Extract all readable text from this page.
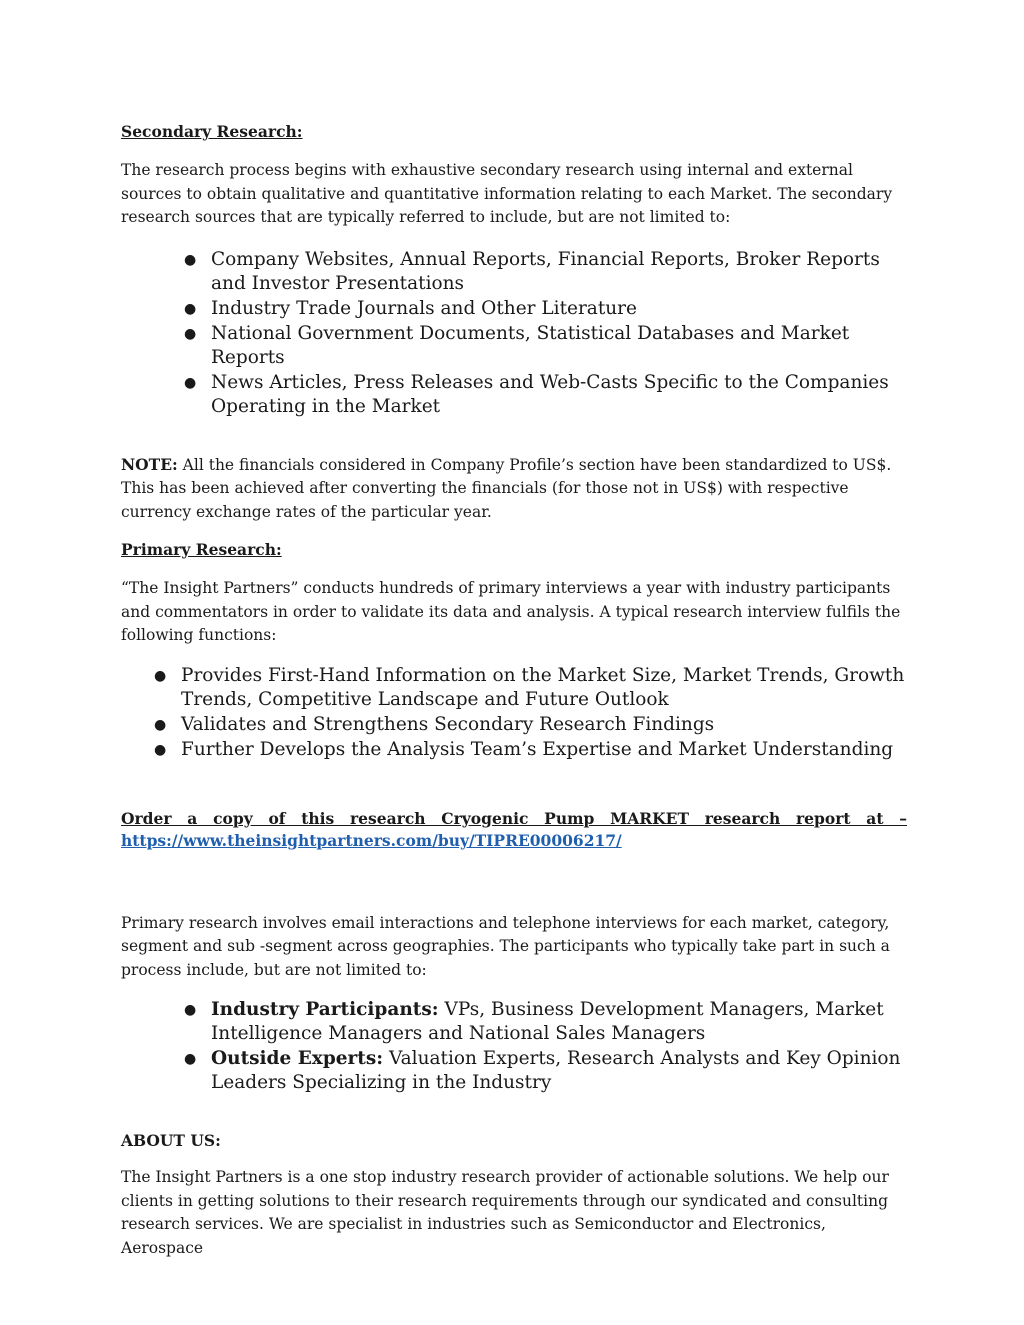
Secondary Research:

The research process begins with exhaustive secondary research using internal and external sources to obtain qualitative and quantitative information relating to each Market. The secondary research sources that are typically referred to include, but are not limited to:

● Company Websites, Annual Reports, Financial Reports, Broker Reports and Investor Presentations
● Industry Trade Journals and Other Literature
● National Government Documents, Statistical Databases and Market Reports
● News Articles, Press Releases and Web-Casts Specific to the Companies Operating in the Market

NOTE: All the financials considered in Company Profile’s section have been standardized to US$. This has been achieved after converting the financials (for those not in US$) with respective currency exchange rates of the particular year.

Primary Research:

“The Insight Partners” conducts hundreds of primary interviews a year with industry participants and commentators in order to validate its data and analysis. A typical research interview fulfils the following functions:

● Provides First-Hand Information on the Market Size, Market Trends, Growth Trends, Competitive Landscape and Future Outlook
● Validates and Strengthens Secondary Research Findings
● Further Develops the Analysis Team’s Expertise and Market Understanding

Order a copy of this research Cryogenic Pump MARKET research report at –

https://www.theinsightpartners.com/buy/TIPRE00006217/

Primary research involves email interactions and telephone interviews for each market, category, segment and sub -segment across geographies. The participants who typically take part in such a process include, but are not limited to:

● Industry Participants: VPs, Business Development Managers, Market Intelligence Managers and National Sales Managers
● Outside Experts: Valuation Experts, Research Analysts and Key Opinion Leaders Specializing in the Industry

ABOUT US:

The Insight Partners is a one stop industry research provider of actionable solutions. We help our clients in getting solutions to their research requirements through our syndicated and consulting research services. We are specialist in industries such as Semiconductor and Electronics, Aerospace
